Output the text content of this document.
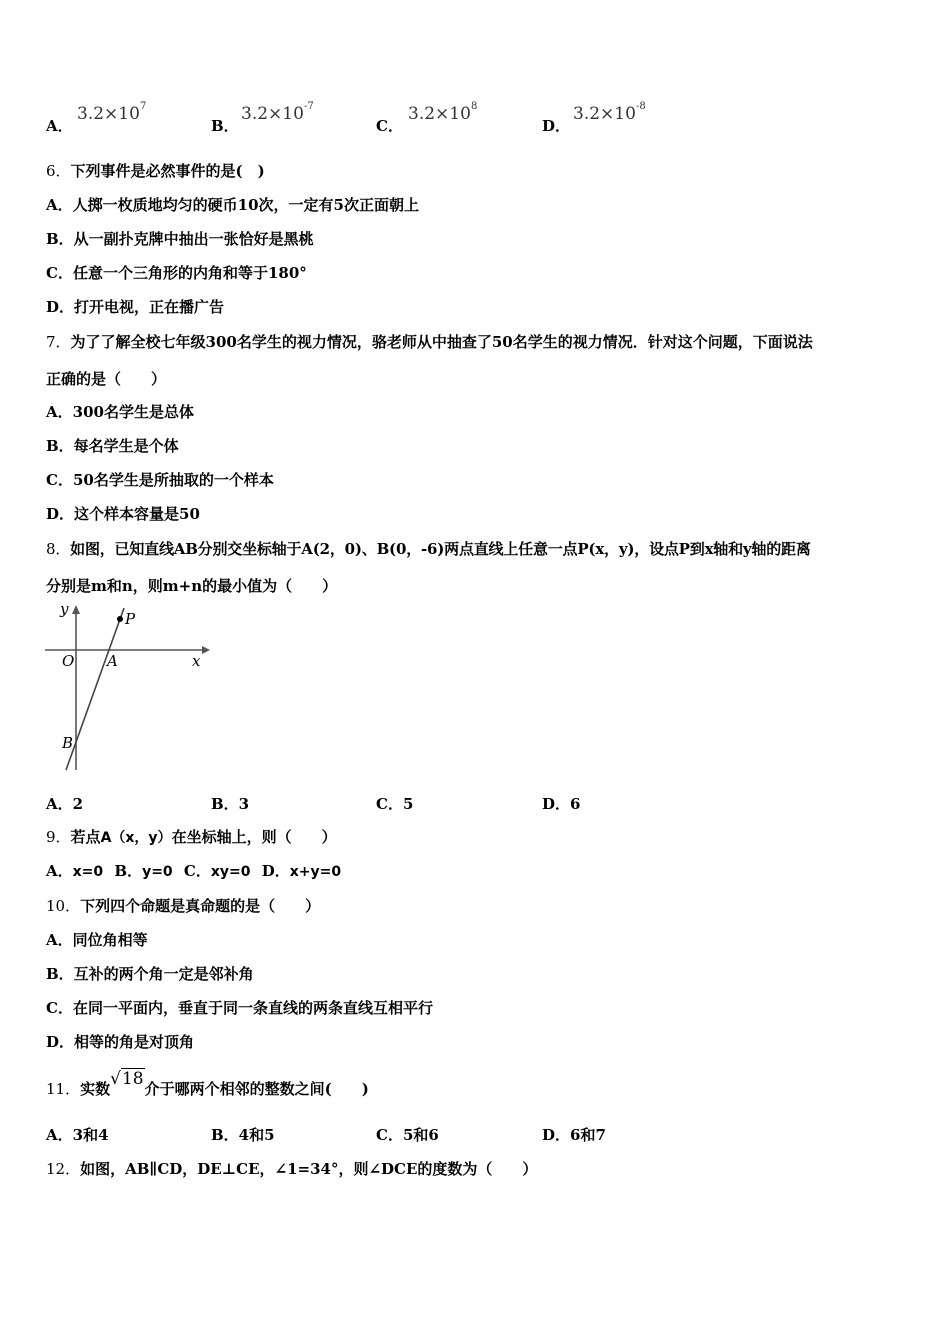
A．
$3.2\times 10^7$
B．
$3.2\times 10^{-7}$
C．
$3.2\times 10^8$
D．
$3.2\times 10^{-8}$
6．下列事件是必然事件的是(　)
A．人掷一枚质地均匀的硬币10次，一定有5次正面朝上
B．从一副扑克牌中抽出一张恰好是黑桃
C．任意一个三角形的内角和等于180°
D．打开电视，正在播广告
7．为了了解全校七年级300名学生的视力情况，骆老师从中抽查了50名学生的视力情况．针对这个问题，下面说法
正确的是（　　）
A．300名学生是总体
B．每名学生是个体
C．50名学生是所抽取的一个样本
D．这个样本容量是50
8．如图，已知直线AB分别交坐标轴于A(2，0)、B(0，-6)两点直线上任意一点P(x，y)，设点P到x轴和y轴的距离
分别是m和n，则m+n的最小值为（　　）
y
x
O A
B
P
A．2	B．3	C．5	D．6
9．若点A（x，y）在坐标轴上，则（　　）
A．x=0 B．y=0 C．xy=0 D．x+y=0
10．下列四个命题是真命题的是（　　）
A．同位角相等
B．互补的两个角一定是邻补角
C．在同一平面内，垂直于同一条直线的两条直线互相平行
D．相等的角是对顶角
11．实数√18介于哪两个相邻的整数之间(　　)
A．3和4	B．4和5	C．5和6	D．6和7
12．如图，AB∥CD，DE⊥CE，∠1=34°，则∠DCE的度数为（　　）
